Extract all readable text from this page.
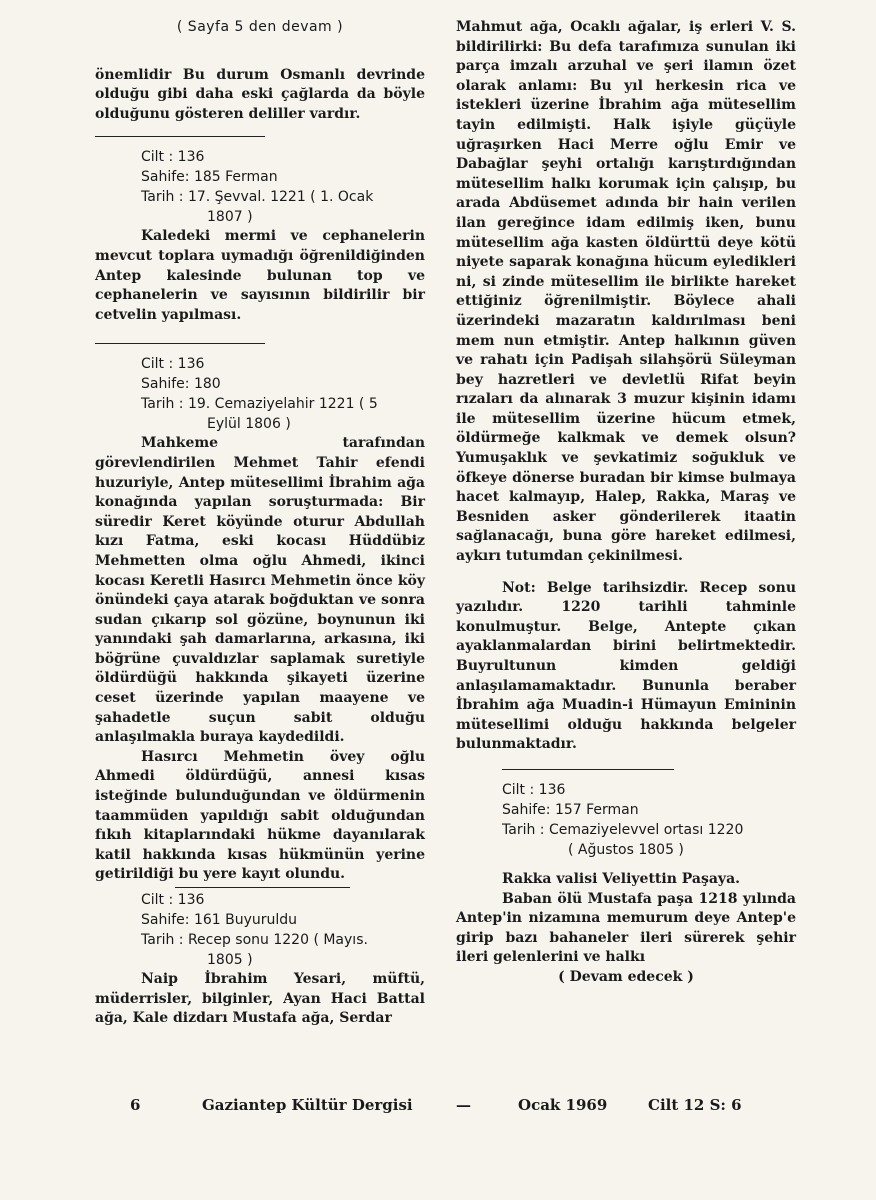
( Sayfa 5 den devam )

önemlidir Bu durum Osmanlı devrinde olduğu gibi daha eski çağlarda da böyle olduğunu gösteren deliller vardır.

Cilt : 136
Sahife: 185 Ferman
Tarih : 17. Şevval. 1221 ( 1. Ocak
1807 )

Kaledeki mermi ve cephanelerin mevcut toplara uymadığı öğrenildiğinden Antep kalesinde bulunan top ve cephanelerin ve sayısının bildirilir bir cetvelin yapılması.

Cilt : 136
Sahife: 180
Tarih : 19. Cemaziyelahir 1221 ( 5
Eylül 1806 )

Mahkeme tarafından görevlendirilen Mehmet Tahir efendi huzuriyle, Antep mütesellimi İbrahim ağa konağında yapılan soruşturmada: Bir süredir Keret köyünde oturur Abdullah kızı Fatma, eski kocası Hüddübiz Mehmetten olma oğlu Ahmedi, ikinci kocası Keretli Hasırcı Mehmetin önce köy önündeki çaya atarak boğduktan ve sonra sudan çıkarıp sol gözüne, boynunun iki yanındaki şah damarlarına, arkasına, iki böğrüne çuvaldızlar saplamak suretiyle öldürdüğü hakkında şikayeti üzerine ceset üzerinde yapılan maayene ve şahadetle suçun sabit olduğu anlaşılmakla buraya kaydedildi.

Hasırcı Mehmetin övey oğlu Ahmedi öldürdüğü, annesi kısas isteğinde bulunduğundan ve öldürmenin taammüden yapıldığı sabit olduğundan fıkıh kitaplarındaki hükme dayanılarak katil hakkında kısas hükmünün yerine getirildiği bu yere kayıt olundu.

Cilt : 136
Sahife: 161 Buyuruldu
Tarih : Recep sonu 1220 ( Mayıs.
1805 )

Naip İbrahim Yesari, müftü, müderrisler, bilginler, Ayan Haci Battal ağa, Kale dizdarı Mustafa ağa, Serdar

Mahmut ağa, Ocaklı ağalar, iş erleri V. S. bildirilirki: Bu defa tarafımıza sunulan iki parça imzalı arzuhal ve şeri ilamın özet olarak anlamı: Bu yıl herkesin rica ve istekleri üzerine İbrahim ağa mütesellim tayin edilmişti. Halk işiyle güçüyle uğraşırken Haci Merre oğlu Emir ve Dabağlar şeyhi ortalığı karıştırdığından mütesellim halkı korumak için çalışıp, bu arada Abdüsemet adında bir hain verilen ilan gereğince idam edilmiş iken, bunu mütesellim ağa kasten öldürttü deye kötü niyete saparak konağına hücum eyledikleri ni, si zinde mütesellim ile birlikte hareket ettiğiniz öğrenilmiştir. Böylece ahali üzerindeki mazaratın kaldırılması beni mem nun etmiştir. Antep halkının güven ve rahatı için Padişah silahşörü Süleyman bey hazretleri ve devletlü Rifat beyin rızaları da alınarak 3 muzur kişinin idamı ile mütesellim üzerine hücum etmek, öldürmeğe kalkmak ve demek olsun? Yumuşaklık ve şevkatimiz soğukluk ve öfkeye dönerse buradan bir kimse bulmaya hacet kalmayıp, Halep, Rakka, Maraş ve Besniden asker gönderilerek itaatin sağlanacağı, buna göre hareket edilmesi, aykırı tutumdan çekinilmesi.

Not: Belge tarihsizdir. Recep sonu yazılıdır. 1220 tarihli tahminle konulmuştur. Belge, Antepte çıkan ayaklanmalardan birini belirtmektedir. Buyrultunun kimden geldiği anlaşılamamaktadır. Bununla beraber İbrahim ağa Muadin-i Hümayun Emininin mütesellimi olduğu hakkında belgeler bulunmaktadır.

Cilt : 136
Sahife: 157 Ferman
Tarih : Cemaziyelevvel ortası 1220
( Ağustos 1805 )

Rakka valisi Veliyettin Paşaya.

Baban ölü Mustafa paşa 1218 yılında Antep'in nizamına memurum deye Antep'e girip bazı bahaneler ileri sürerek şehir ileri gelenlerini ve halkı

( Devam edecek )

6	Gaziantep Kültür Dergisi	—	Ocak 1969	Cilt 12 S: 6
